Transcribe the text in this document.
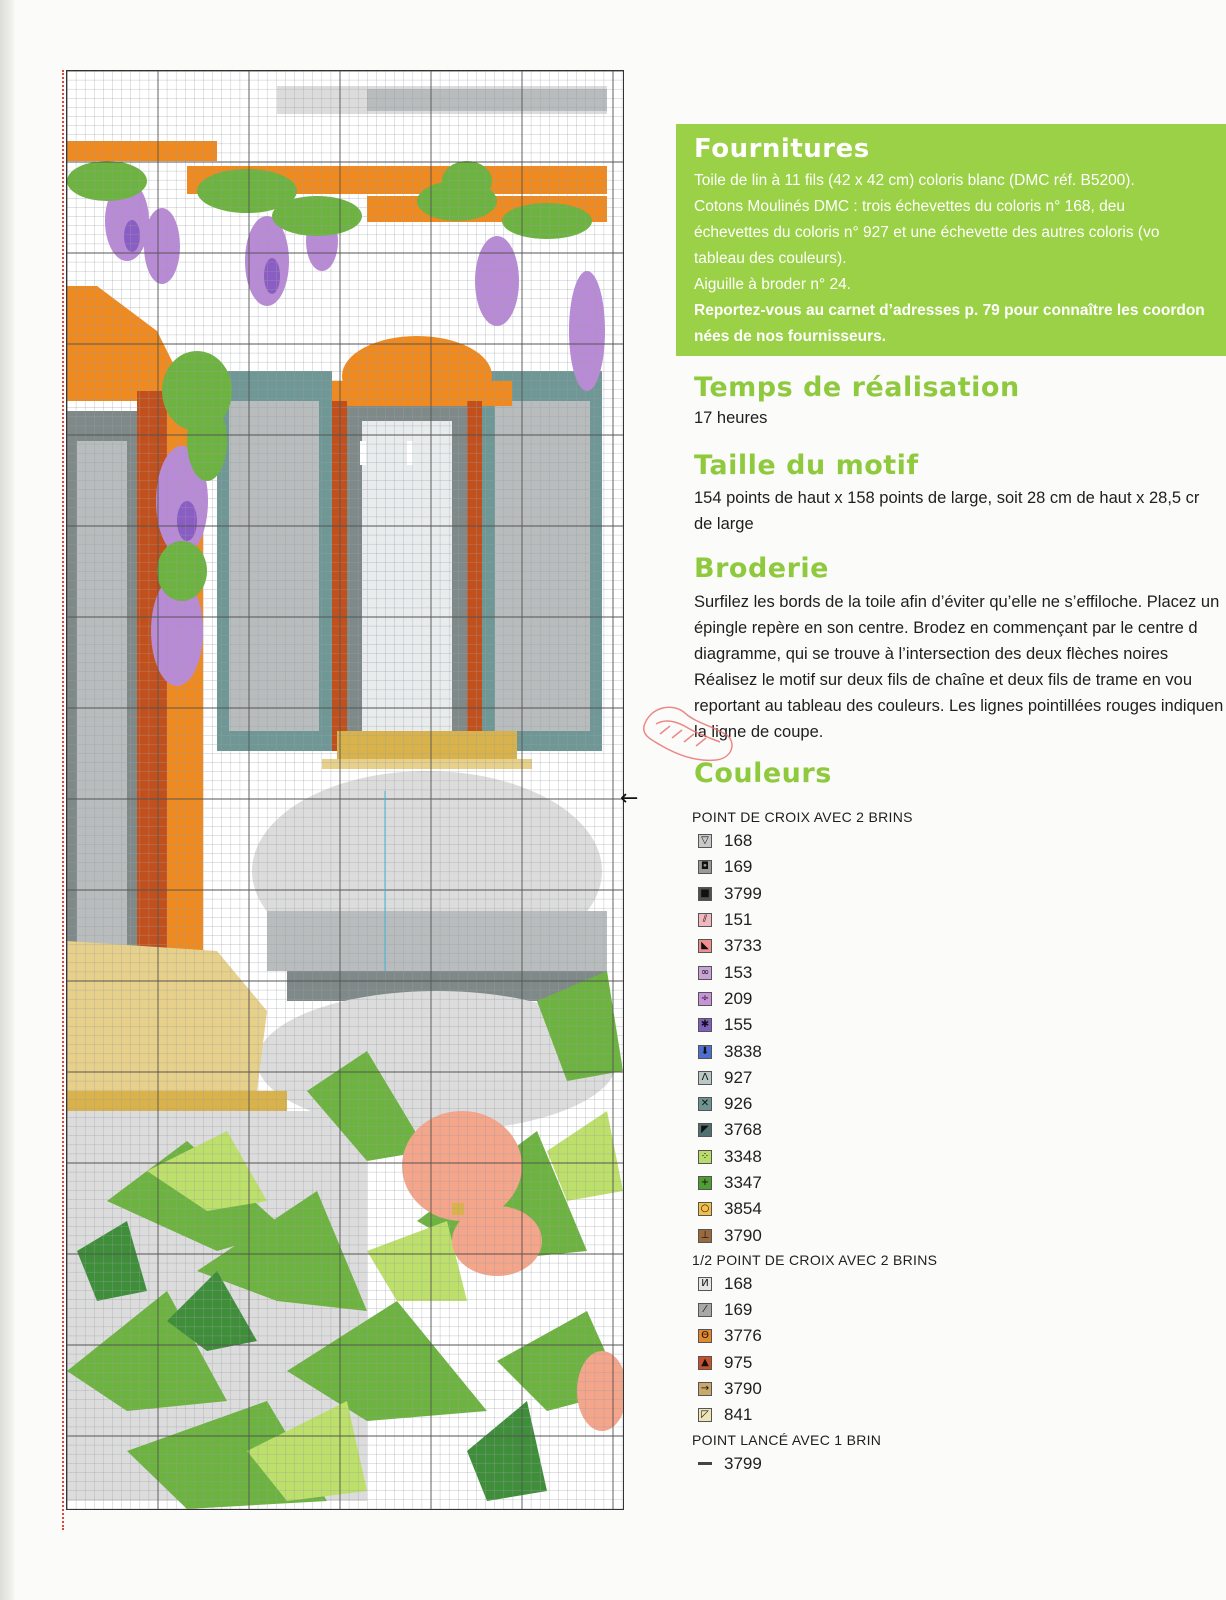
←
Fournitures

Toile de lin à 11 fils (42 x 42 cm) coloris blanc (DMC réf. B5200).

Cotons Moulinés DMC : trois échevettes du coloris n° 168, deu

échevettes du coloris n° 927 et une échevette des autres coloris (vo

tableau des couleurs).

Aiguille à broder n° 24.

Reportez-vous au carnet d’adresses p. 79 pour connaître les coordon

nées de nos fournisseurs.

Temps de réalisation

17 heures

Taille du motif
154 points de haut x 158 points de large, soit 28 cm de haut x 28,5 cr
de large
Broderie
Surfilez les bords de la toile afin d’éviter qu’elle ne s’effiloche. Placez un
épingle repère en son centre. Brodez en commençant par le centre d
diagramme, qui se trouve à l’intersection des deux flèches noires
Réalisez le motif sur deux fils de chaîne et deux fils de trame en vou
reportant au tableau des couleurs. Les lignes pointillées rouges indiquen
la ligne de coupe.
Couleurs
POINT DE CROIX AVEC 2 BRINS
▽ 168
◘ 169
■ 3799
⫽ 151
◣ 3733
∞ 153
÷ 209
✱ 155
⬇ 3838
Λ 927
✕ 926
◤ 3768
⁘ 3348
+ 3347
○ 3854
⊥ 3790
1/2 POINT DE CROIX AVEC 2 BRINS
И 168
⁄	169
Θ 3776
▲ 975
→ 3790
◸ 841
POINT LANCÉ AVEC 1 BRIN
3799
